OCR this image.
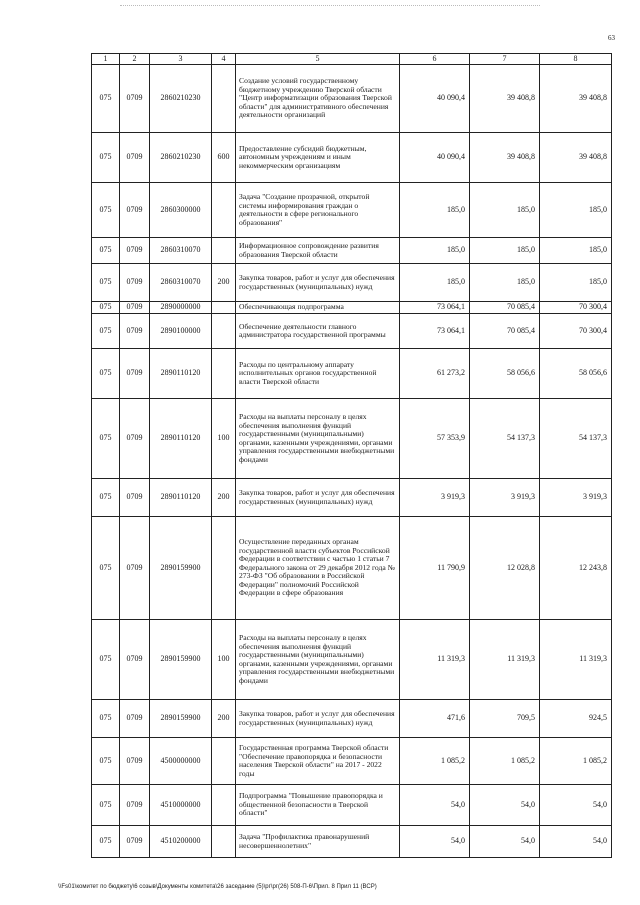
63
1	2	3	4	5	6	7	8
075	0709	2860210230		Создание условий государственному бюджетному учреждению Тверской области "Центр информатизации образования Тверской области" для административного обеспечения деятельности организаций	40 090,4	39 408,8	39 408,8
075	0709	2860210230	600	Предоставление субсидий бюджетным, автономным учреждениям и иным некоммерческим организациям	40 090,4	39 408,8	39 408,8
075	0709	2860300000		Задача "Создание прозрачной, открытой системы информирования граждан о деятельности в сфере регионального образования"	185,0	185,0	185,0
075	0709	2860310070		Информационное сопровождение развития образования Тверской области	185,0	185,0	185,0
075	0709	2860310070	200	Закупка товаров, работ и услуг для обеспечения государственных (муниципальных) нужд	185,0	185,0	185,0
075	0709	2890000000		Обеспечивающая подпрограмма	73 064,1	70 085,4	70 300,4
075	0709	2890100000		Обеспечение деятельности главного администратора государственной программы	73 064,1	70 085,4	70 300,4
075	0709	2890110120		Расходы по центральному аппарату исполнительных органов государственной власти Тверской области	61 273,2	58 056,6	58 056,6
075	0709	2890110120	100	Расходы на выплаты персоналу в целях обеспечения выполнения функций государственными (муниципальными) органами, казенными учреждениями, органами управления государственными внебюджетными фондами	57 353,9	54 137,3	54 137,3
075	0709	2890110120	200	Закупка товаров, работ и услуг для обеспечения государственных (муниципальных) нужд	3 919,3	3 919,3	3 919,3
075	0709	2890159900		Осуществление переданных органам государственной власти субъектов Российской Федерации в соответствии с частью 1 статьи 7 Федерального закона от 29 декабря 2012 года № 273-ФЗ "Об образовании в Российской Федерации" полномочий Российской Федерации в сфере образования	11 790,9	12 028,8	12 243,8
075	0709	2890159900	100	Расходы на выплаты персоналу в целях обеспечения выполнения функций государственными (муниципальными) органами, казенными учреждениями, органами управления государственными внебюджетными фондами	11 319,3	11 319,3	11 319,3
075	0709	2890159900	200	Закупка товаров, работ и услуг для обеспечения государственных (муниципальных) нужд	471,6	709,5	924,5
075	0709	4500000000		Государственная программа Тверской области "Обеспечение правопорядка и безопасности населения Тверской области" на 2017 - 2022 годы	1 085,2	1 085,2	1 085,2
075	0709	4510000000		Подпрограмма "Повышение правопорядка и общественной безопасности в Тверской области"	54,0	54,0	54,0
075	0709	4510200000		Задача "Профилактика правонарушений несовершеннолетних"	54,0	54,0	54,0
\\Fs01\комитет по бюджету\6 созыв\Документы комитета\26 заседание (5)\рг\рг(26) 508-П-6\Прил. 8 Прил 11 (ВСР)
